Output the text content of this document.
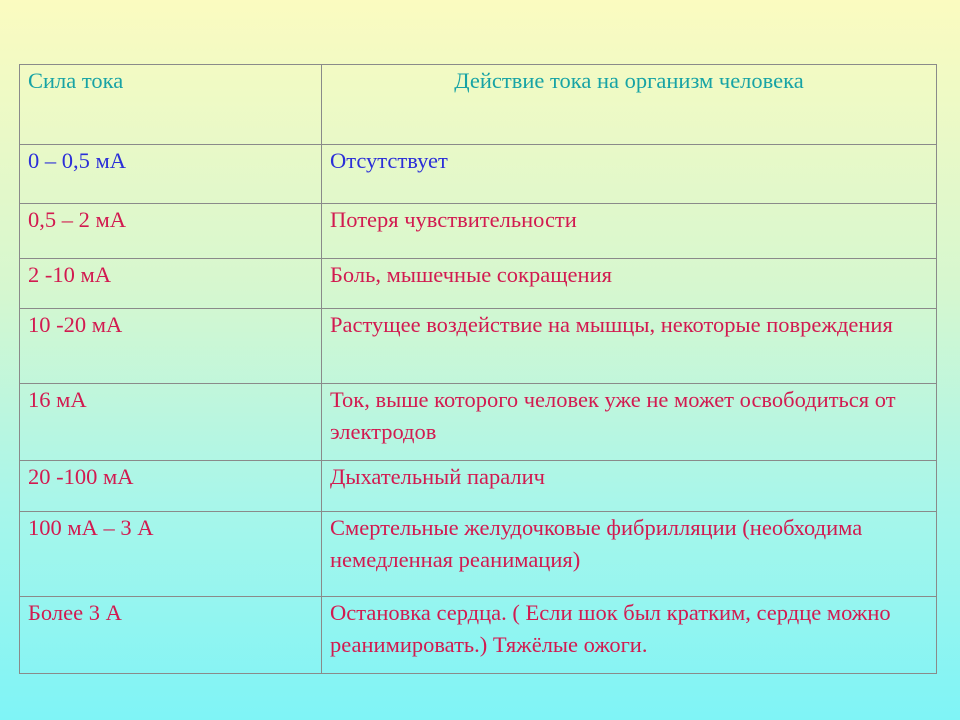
Сила тока	Действие тока на организм человека
0 – 0,5 мА	Отсутствует
0,5 – 2 мА	Потеря чувствительности
2 -10 мА	Боль, мышечные сокращения
10 -20 мА	Растущее воздействие на мышцы, некоторые повреждения
16 мА	Ток, выше которого человек уже не может освободиться от электродов
20 -100 мА	Дыхательный паралич
100 мА – 3 А	Смертельные желудочковые фибрилляции (необходима немедленная реанимация)
Более 3 А	Остановка сердца. ( Если шок был кратким, сердце можно реанимировать.) Тяжёлые ожоги.
